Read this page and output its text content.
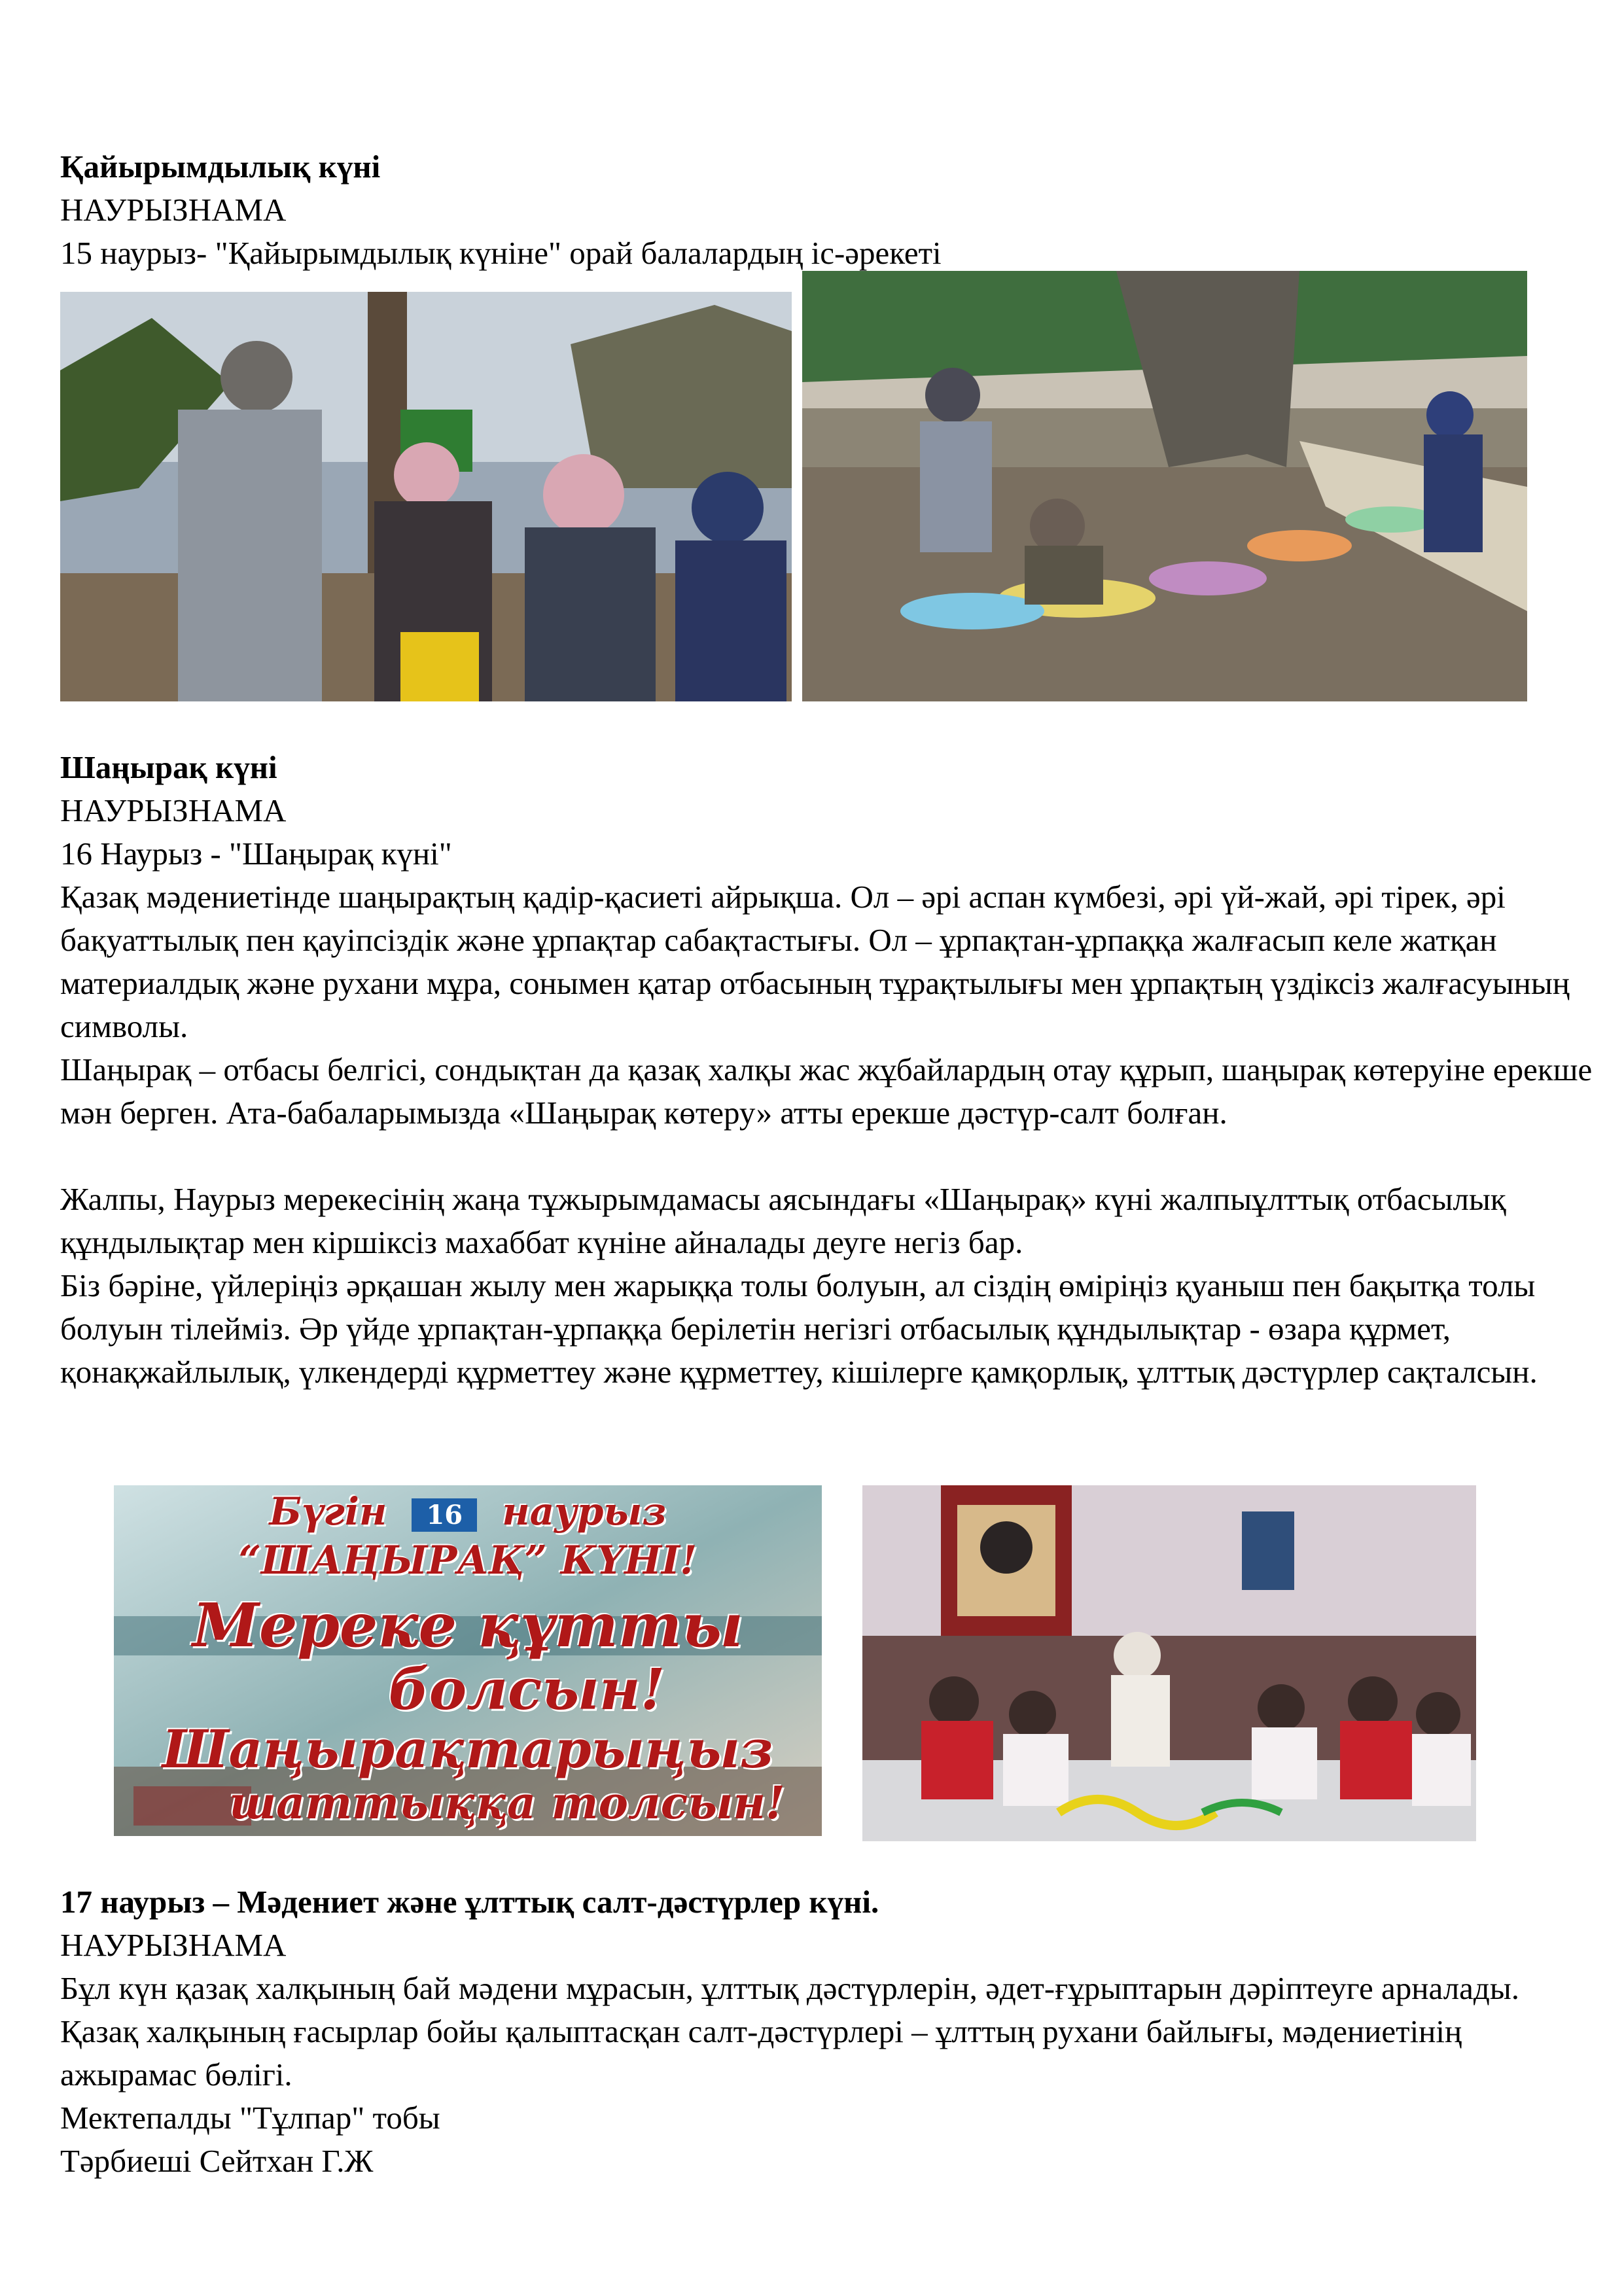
Қайырымдылық күні

НАУРЫЗНАМА

15 наурыз- "Қайырымдылық күніне" орай балалардың іс-әрекеті

Шаңырақ күні

НАУРЫЗНАМА

16 Наурыз - "Шаңырақ күні"

Қазақ мәдениетінде шаңырақтың қадір-қасиеті айрықша. Ол – әрі аспан күмбезі, әрі үй-жай, әрі тірек, әрі бақуаттылық пен қауіпсіздік және ұрпақтар сабақтастығы. Ол – ұрпақтан-ұрпаққа жалғасып келе жатқан материалдық және рухани мұра, сонымен қатар отбасының тұрақтылығы мен ұрпақтың үздіксіз жалғасуының символы.

Шаңырақ – отбасы белгісі, сондықтан да қазақ халқы жас жұбайлардың отау құрып, шаңырақ көтеруіне ерекше мән берген. Ата-бабаларымызда «Шаңырақ көтеру» атты ерекше дәстүр-салт болған.

Жалпы, Наурыз мерекесінің жаңа тұжырымдамасы аясындағы «Шаңырақ» күні жалпыұлттық отбасылық құндылықтар мен кіршіксіз махаббат күніне айналады деуге негіз бар.

Біз бәріне, үйлеріңіз әрқашан жылу мен жарыққа толы болуын, ал сіздің өміріңіз қуаныш пен бақытқа толы болуын тілейміз. Әр үйде ұрпақтан-ұрпаққа берілетін негізгі отбасылық құндылықтар - өзара құрмет, қонақжайлылық, үлкендерді құрметтеу және құрметтеу, кішілерге қамқорлық, ұлттық дәстүрлер сақталсын.

Бүгін 16 наурыз
“ШАҢЫРАҚ” КҮНІ!
Мереке құтты
болсын!
Шаңырақтарыңыз
шаттыққа толсын!

17 наурыз – Мәдениет және ұлттық салт-дәстүрлер күні.

НАУРЫЗНАМА

Бұл күн қазақ халқының бай мәдени мұрасын, ұлттық дәстүрлерін, әдет-ғұрыптарын дәріптеуге арналады. Қазақ халқының ғасырлар бойы қалыптасқан салт-дәстүрлері – ұлттың рухани байлығы, мәдениетінің ажырамас бөлігі.

Мектепалды "Тұлпар" тобы

Тәрбиеші Сейтхан Г.Ж
